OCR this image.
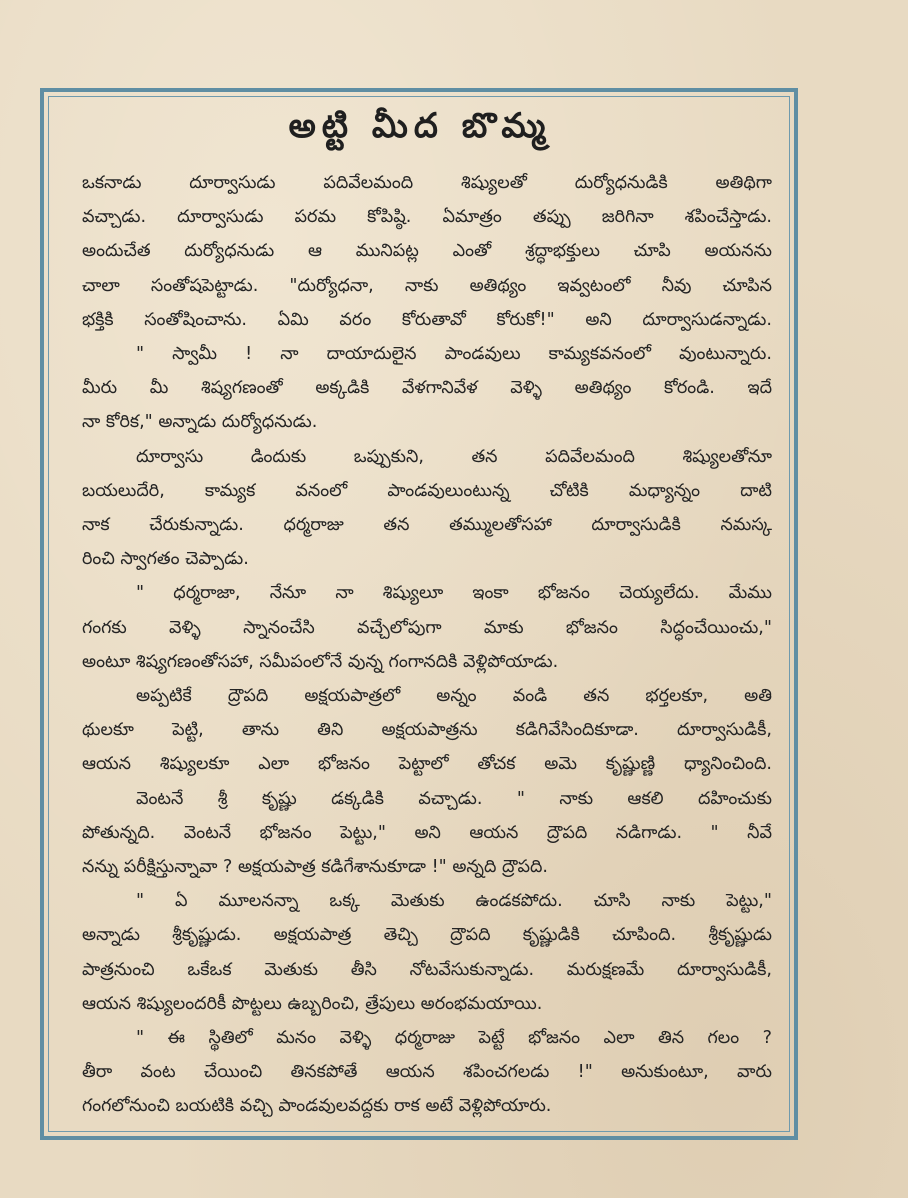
అట్టి మీద బొమ్మ
ఒకనాడు దూర్వాసుడు పదివేలమంది శిష్యులతో దుర్యోధనుడికి అతిథిగా
వచ్చాడు. దూర్వాసుడు పరమ కోపిష్ఠి. ఏమాత్రం తప్పు జరిగినా శపించేస్తాడు.
అందుచేత దుర్యోధనుడు ఆ మునిపట్ల ఎంతో శ్రద్ధాభక్తులు చూపి అయనను
చాలా సంతోషపెట్టాడు. "దుర్యోధనా, నాకు అతిథ్యం ఇవ్వటంలో నీవు చూపిన
భక్తికి సంతోషించాను. ఏమి వరం కోరుతావో కోరుకో!" అని దూర్వాసుడన్నాడు.
" స్వామీ ! నా దాయాదులైన పాండవులు కామ్యకవనంలో వుంటున్నారు.
మీరు మీ శిష్యగణంతో అక్కడికి వేళగానివేళ వెళ్ళి అతిథ్యం కోరండి. ఇదే
నా కోరిక," అన్నాడు దుర్యోధనుడు.
దూర్వాసు డిందుకు ఒప్పుకుని, తన పదివేలమంది శిష్యులతోనూ
బయలుదేరి, కామ్యక వనంలో పాండవులుంటున్న చోటికి మధ్యాన్నం దాటి
నాక చేరుకున్నాడు. ధర్మరాజు తన తమ్ములతోసహా దూర్వాసుడికి నమస్క
రించి స్వాగతం చెప్పాడు.
" ధర్మరాజా, నేనూ నా శిష్యులూ ఇంకా భోజనం చెయ్యలేదు. మేము
గంగకు వెళ్ళి స్నానంచేసి వచ్చేలోపుగా మాకు భోజనం సిద్ధంచేయించు,"
అంటూ శిష్యగణంతోసహా, సమీపంలోనే వున్న గంగానదికి వెళ్లిపోయాడు.
అప్పటికే ద్రౌపది అక్షయపాత్రలో అన్నం వండి తన భర్తలకూ, అతి
థులకూ పెట్టి, తాను తిని అక్షయపాత్రను కడిగివేసిందికూడా. దూర్వాసుడికీ,
ఆయన శిష్యులకూ ఎలా భోజనం పెట్టాలో తోచక అమె కృష్ణుణ్ణి ధ్యానించింది.
వెంటనే శ్రీ కృష్ణు డక్కడికి వచ్చాడు. " నాకు ఆకలి దహించుకు
పోతున్నది. వెంటనే భోజనం పెట్టు," అని ఆయన ద్రౌపది నడిగాడు. " నీవే
నన్ను పరీక్షిస్తున్నావా ? అక్షయపాత్ర కడిగేశానుకూడా !" అన్నది ద్రౌపది.
" ఏ మూలనన్నా ఒక్క మెతుకు ఉండకపోదు. చూసి నాకు పెట్టు,"
అన్నాడు శ్రీకృష్ణుడు. అక్షయపాత్ర తెచ్చి ద్రౌపది కృష్ణుడికి చూపింది. శ్రీకృష్ణుడు
పాత్రనుంచి ఒకేఒక మెతుకు తీసి నోటవేసుకున్నాడు. మరుక్షణమే దూర్వాసుడికీ,
ఆయన శిష్యులందరికీ పొట్టలు ఉబ్బరించి, త్రేపులు అరంభమయాయి.
" ఈ స్థితిలో మనం వెళ్ళి ధర్మరాజు పెట్టే భోజనం ఎలా తిన గలం ?
తీరా వంట చేయించి తినకపోతే ఆయన శపించగలడు !" అనుకుంటూ, వారు
గంగలోనుంచి బయటికి వచ్చి పాండవులవద్దకు రాక అటే వెళ్లిపోయారు.
